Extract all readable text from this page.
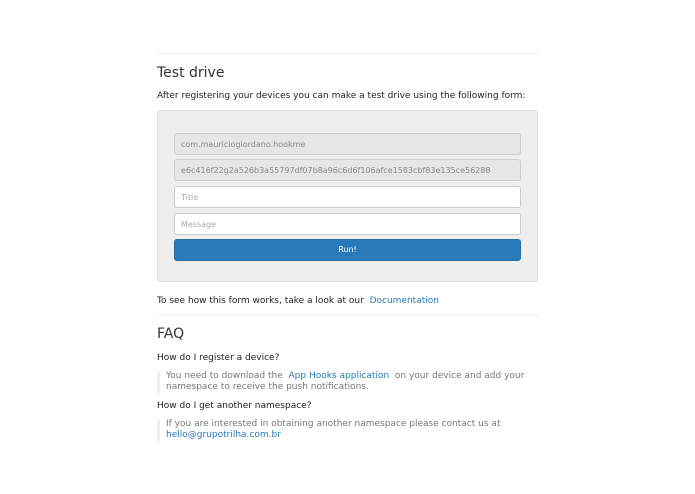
Test drive
After registering your devices you can make a test drive using the following form:
com.mauriciogiordano.hookme
e6c416f22g2a526b3a55797df07b8a96c6d6f106afce1583cbf83e135ce56288
Title
Message
Run!
To see how this form works, take a look at our Documentation
FAQ
How do I register a device?
You need to download the App Hooks application on your device and add your namespace to receive the push notifications.
How do I get another namespace?
If you are interested in obtaining another namespace please contact us at
hello@grupotrilha.com.br
